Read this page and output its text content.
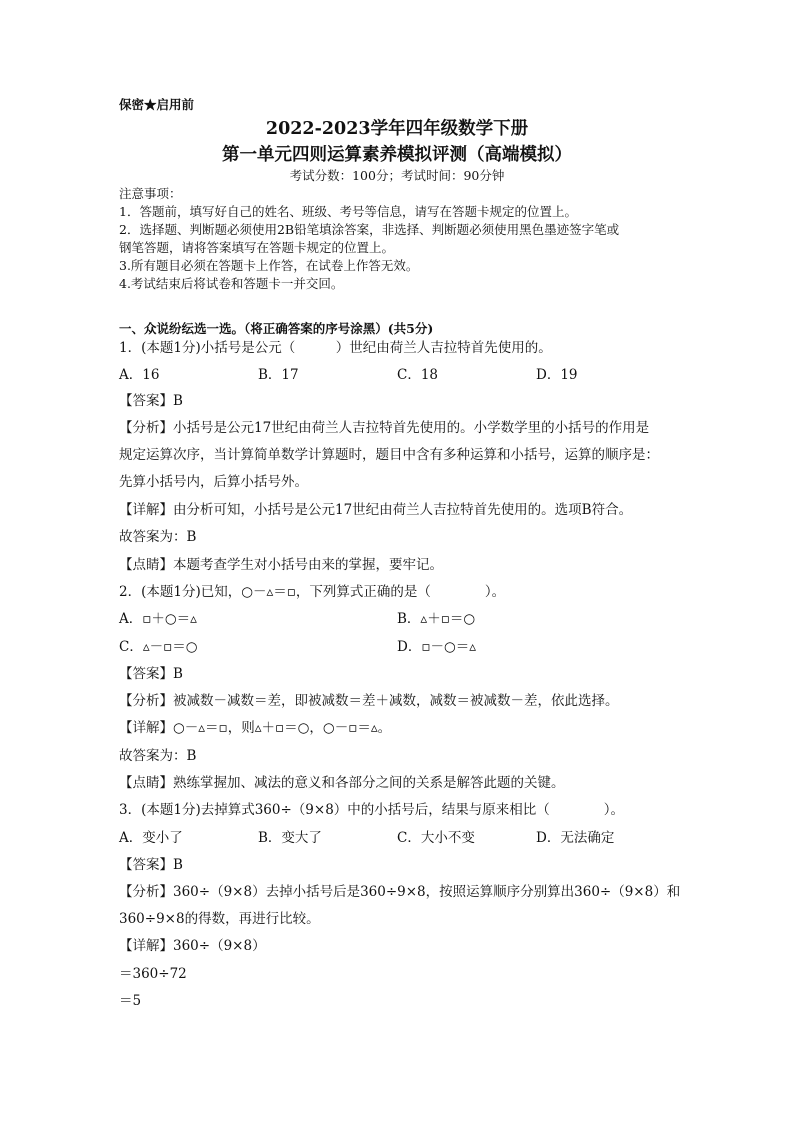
保密★启用前
2022-2023学年四年级数学下册
第一单元四则运算素养模拟评测（高端模拟）
考试分数：100分；考试时间：90分钟
注意事项：
1．答题前，填写好自己的姓名、班级、考号等信息，请写在答题卡规定的位置上。
2．选择题、判断题必须使用2B铅笔填涂答案，非选择、判断题必须使用黑色墨迹签字笔或
钢笔答题，请将答案填写在答题卡规定的位置上。
3.所有题目必须在答题卡上作答，在试卷上作答无效。
4.考试结束后将试卷和答题卡一并交回。
一、众说纷纭选一选。（将正确答案的序号涂黑）(共5分)
1．(本题1分)小括号是公元（　　　）世纪由荷兰人吉拉特首先使用的。
A．16	B．17	C．18	D．19
【答案】B
【分析】小括号是公元17世纪由荷兰人吉拉特首先使用的。小学数学里的小括号的作用是
规定运算次序，当计算简单数学计算题时，题目中含有多种运算和小括号，运算的顺序是：
先算小括号内，后算小括号外。
【详解】由分析可知，小括号是公元17世纪由荷兰人吉拉特首先使用的。选项B符合。
故答案为：B
【点睛】本题考查学生对小括号由来的掌握，要牢记。
2．(本题1分)已知，○－▵＝▫，下列算式正确的是（　　　　）。
A．▫＋○＝▵	B．▵＋▫＝○
C．▵－▫＝○	D．▫－○＝▵
【答案】B
【分析】被减数－减数＝差，即被减数＝差＋减数，减数＝被减数－差，依此选择。
【详解】○－▵＝▫，则▵＋▫＝○，○－▫＝▵。
故答案为：B
【点睛】熟练掌握加、减法的意义和各部分之间的关系是解答此题的关键。
3．(本题1分)去掉算式360÷（9×8）中的小括号后，结果与原来相比（　　　　）。
A．变小了	B．变大了	C．大小不变	D．无法确定
【答案】B
【分析】360÷（9×8）去掉小括号后是360÷9×8，按照运算顺序分别算出360÷（9×8）和
360÷9×8的得数，再进行比较。
【详解】360÷（9×8）
＝360÷72
＝5
